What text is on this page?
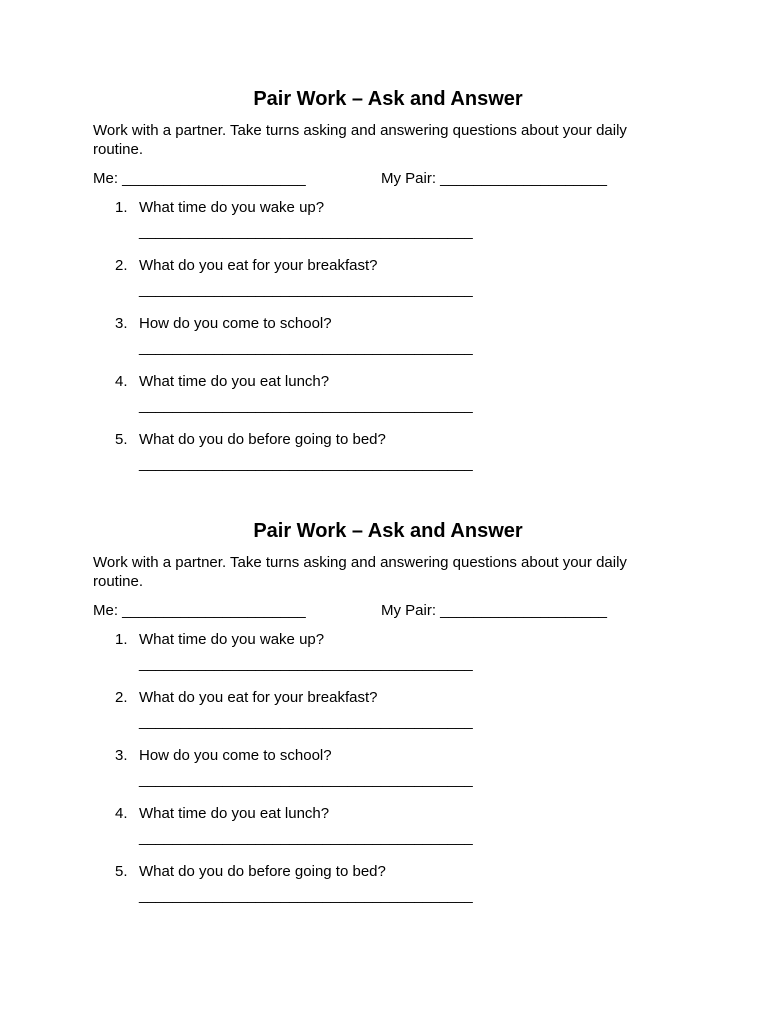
Pair Work – Ask and Answer

Work with a partner. Take turns asking and answering questions about your daily routine.

Me: ______________________	My Pair: ____________________
1. What time do you wake up?
________________________________________
2. What do you eat for your breakfast?
________________________________________
3. How do you come to school?
________________________________________
4. What time do you eat lunch?
________________________________________
5. What do you do before going to bed?
________________________________________
Pair Work – Ask and Answer

Work with a partner. Take turns asking and answering questions about your daily routine.

Me: ______________________	My Pair: ____________________
1. What time do you wake up?
________________________________________
2. What do you eat for your breakfast?
________________________________________
3. How do you come to school?
________________________________________
4. What time do you eat lunch?
________________________________________
5. What do you do before going to bed?
________________________________________
